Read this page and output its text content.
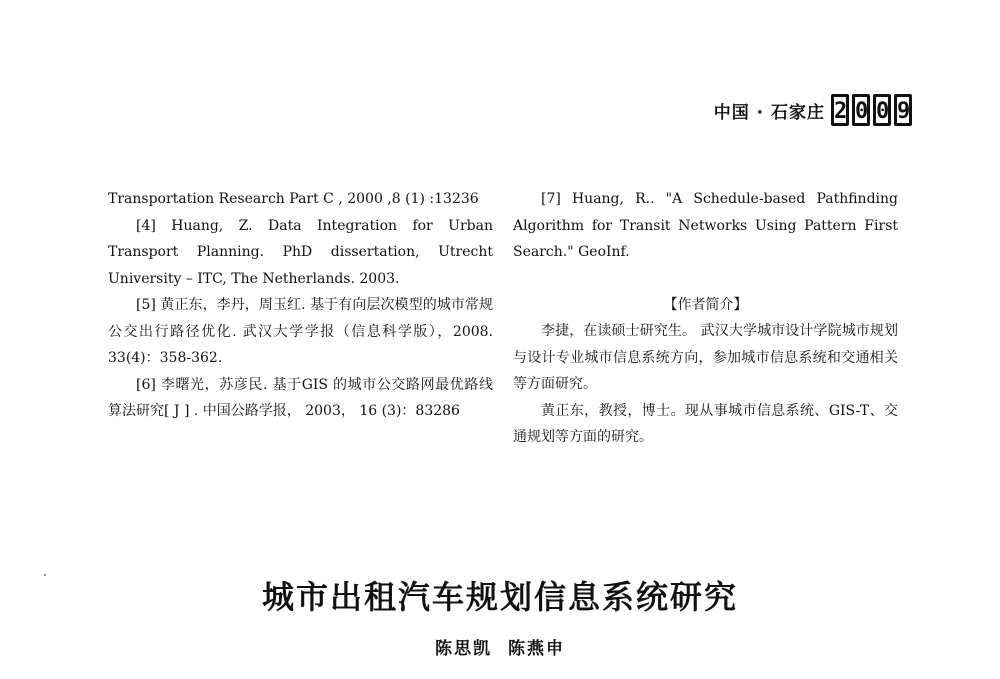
中国 · 石家庄 2 0 0 9

Transportation Research Part C , 2000 ,8 (1) :13236

[4] Huang, Z. Data Integration for Urban Transport Planning. PhD dissertation, Utrecht University – ITC, The Netherlands. 2003.

[5] 黄正东，李丹，周玉红. 基于有向层次模型的城市常规公交出行路径优化. 武汉大学学报（信息科学版），2008. 33(4)：358-362.

[6] 李曙光，苏彦民. 基于GIS 的城市公交路网最优路线算法研究[ J ] . 中国公路学报， 2003， 16 (3)：83286

[7] Huang, R.. "A Schedule-based Pathfinding Algorithm for Transit Networks Using Pattern First Search." GeoInf.

【作者简介】

李捷，在读硕士研究生。 武汉大学城市设计学院城市规划与设计专业城市信息系统方向，参加城市信息系统和交通相关等方面研究。

黄正东，教授，博士。现从事城市信息系统、GIS-T、交通规划等方面的研究。

城市出租汽车规划信息系统研究
陈思凯 陈燕申
